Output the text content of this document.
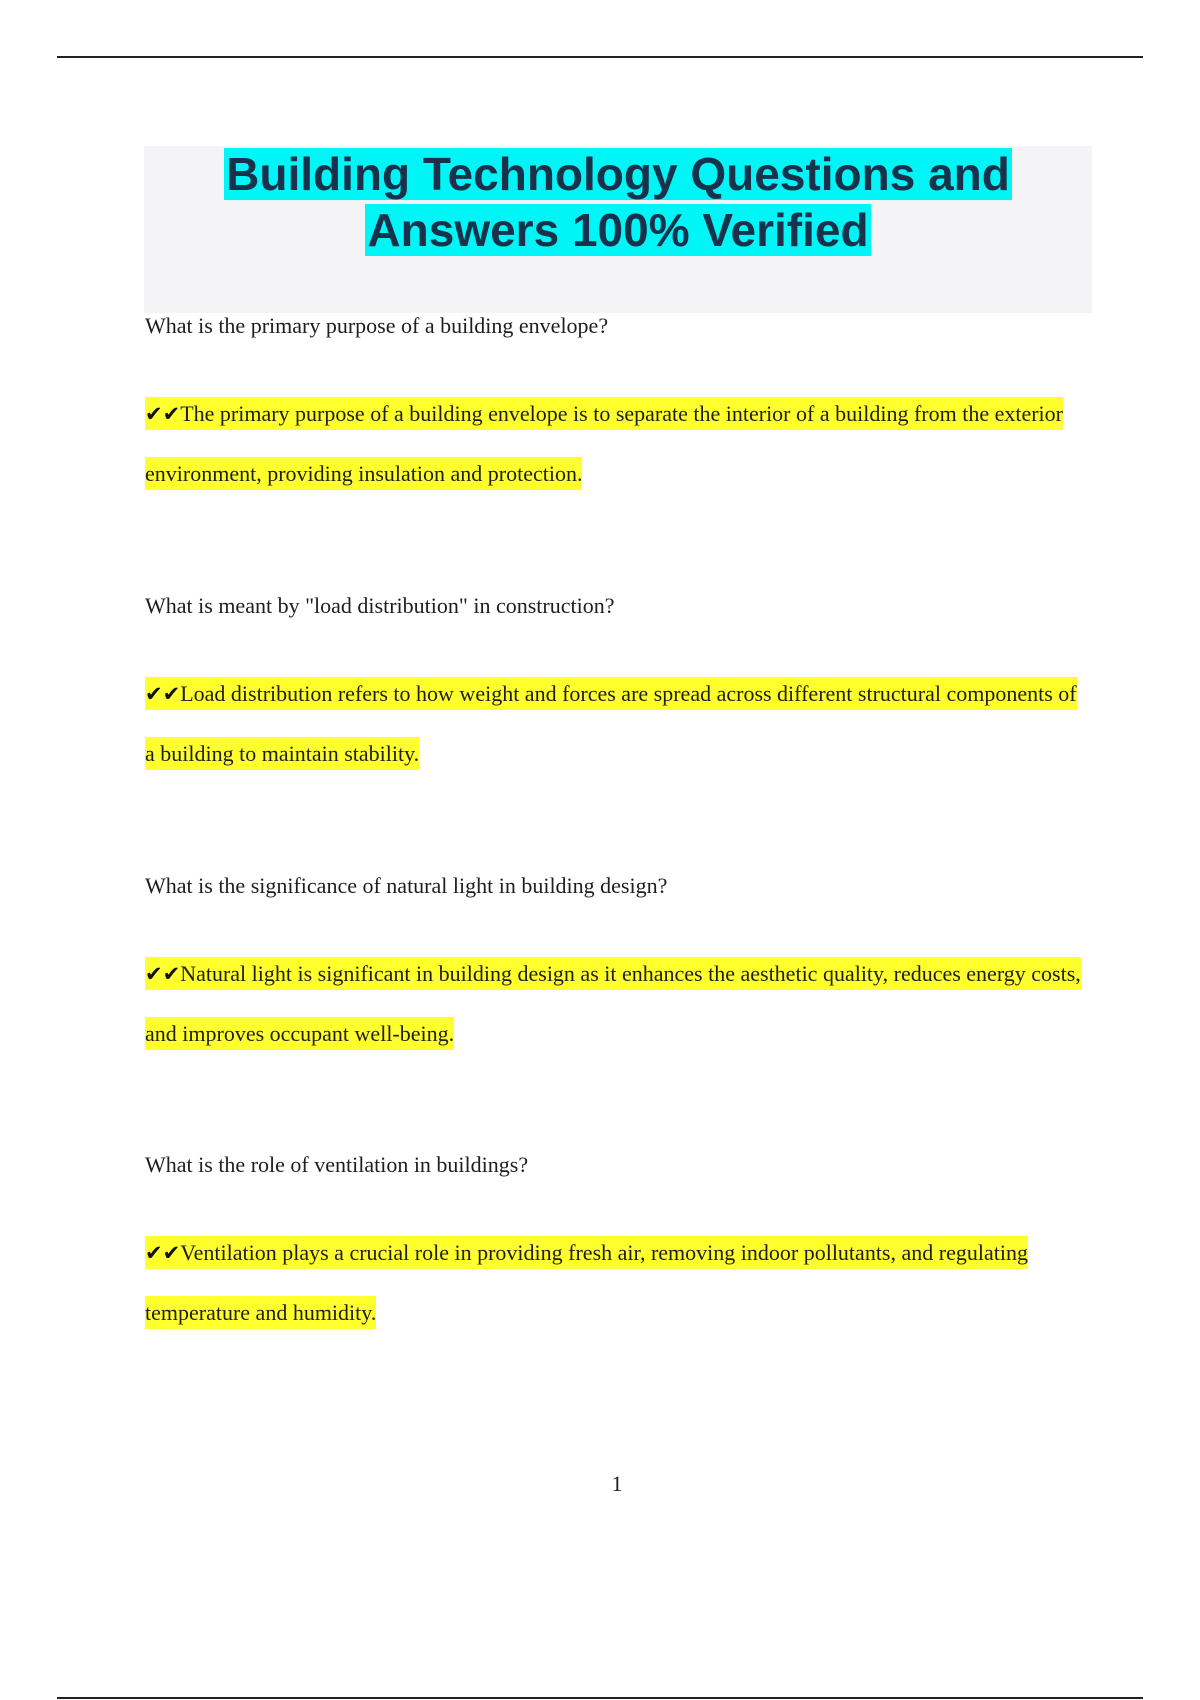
Building Technology Questions and
Answers 100% Verified

What is the primary purpose of a building envelope?

✔✔The primary purpose of a building envelope is to separate the interior of a building from the exterior environment, providing insulation and protection.

What is meant by "load distribution" in construction?

✔✔Load distribution refers to how weight and forces are spread across different structural components of a building to maintain stability.

What is the significance of natural light in building design?

✔✔Natural light is significant in building design as it enhances the aesthetic quality, reduces energy costs, and improves occupant well-being.

What is the role of ventilation in buildings?

✔✔Ventilation plays a crucial role in providing fresh air, removing indoor pollutants, and regulating temperature and humidity.

1
